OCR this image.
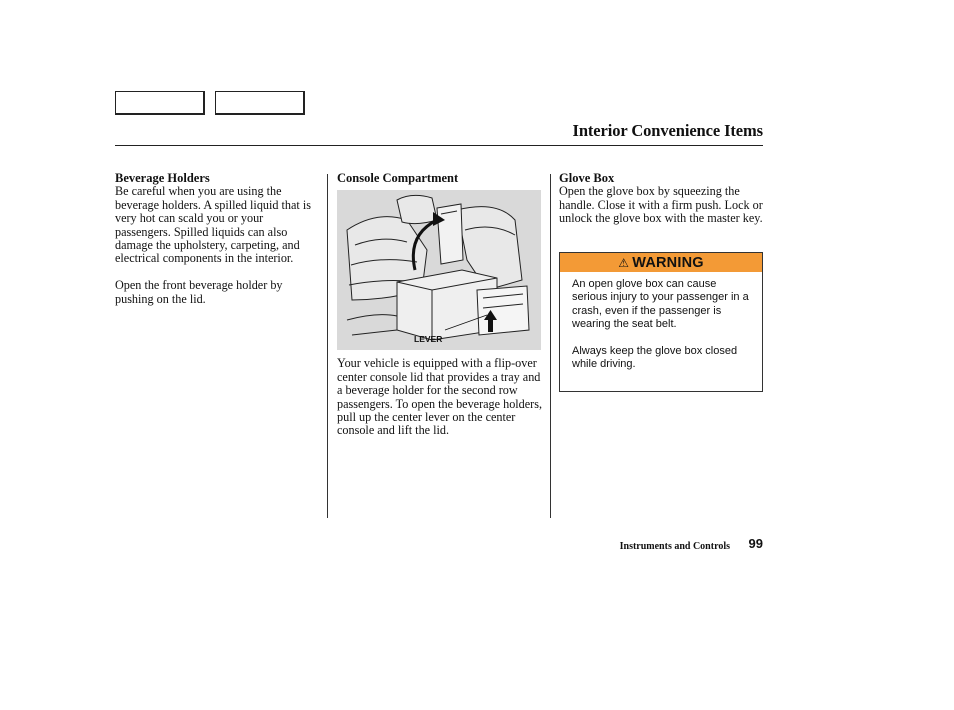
Interior Convenience Items

Beverage Holders

Be careful when you are using the beverage holders. A spilled liquid that is very hot can scald you or your passengers. Spilled liquids can also damage the upholstery, carpeting, and electrical components in the interior.

Open the front beverage holder by pushing on the lid.

Console Compartment

LEVER

Your vehicle is equipped with a flip-over center console lid that provides a tray and a beverage holder for the second row passengers. To open the beverage holders, pull up the center lever on the center console and lift the lid.

Glove Box

Open the glove box by squeezing the handle. Close it with a firm push. Lock or unlock the glove box with the master key.

⚠ WARNING

An open glove box can cause serious injury to your passenger in a crash, even if the passenger is wearing the seat belt.

Always keep the glove box closed while driving.

Instruments and Controls 99
